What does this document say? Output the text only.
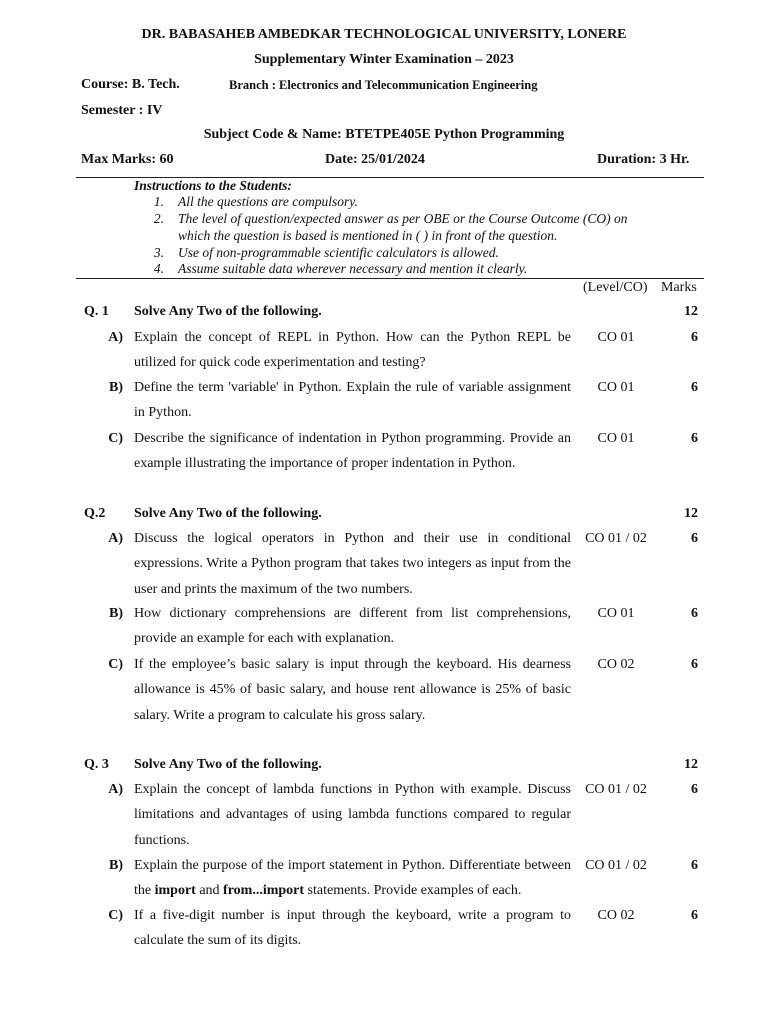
DR. BABASAHEB AMBEDKAR TECHNOLOGICAL UNIVERSITY, LONERE
Supplementary Winter Examination – 2023
Course: B. Tech.	Branch : Electronics and Telecommunication Engineering
Semester : IV
Subject Code & Name: BTETPE405E Python Programming
Max Marks: 60	Date: 25/01/2024	Duration: 3 Hr.
Instructions to the Students:
1. All the questions are compulsory.
2. The level of question/expected answer as per OBE or the Course Outcome (CO) on
which the question is based is mentioned in ( ) in front of the question.
3. Use of non-programmable scientific calculators is allowed.
4. Assume suitable data wherever necessary and mention it clearly.
(Level/CO) Marks
Q. 1	Solve Any Two of the following.	12
A) Explain the concept of REPL in Python. How can the Python REPL be utilized for quick code experimentation and testing?
CO 01	6
B) Define the term 'variable' in Python. Explain the rule of variable assignment in Python.
CO 01	6
C) Describe the significance of indentation in Python programming. Provide an example illustrating the importance of proper indentation in Python.
CO 01	6
Q.2	Solve Any Two of the following.	12
A) Discuss the logical operators in Python and their use in conditional expressions. Write a Python program that takes two integers as input from the user and prints the maximum of the two numbers.
CO 01 / 02	6
B) How dictionary comprehensions are different from list comprehensions, provide an example for each with explanation.
CO 01	6
C) If the employee’s basic salary is input through the keyboard. His dearness allowance is 45% of basic salary, and house rent allowance is 25% of basic salary. Write a program to calculate his gross salary.
CO 02	6
Q. 3	Solve Any Two of the following.	12
A) Explain the concept of lambda functions in Python with example. Discuss limitations and advantages of using lambda functions compared to regular functions.
CO 01 / 02	6
B) Explain the purpose of the import statement in Python. Differentiate between the import and from...import statements. Provide examples of each.
CO 01 / 02	6
C) If a five-digit number is input through the keyboard, write a program to calculate the sum of its digits.
CO 02	6
